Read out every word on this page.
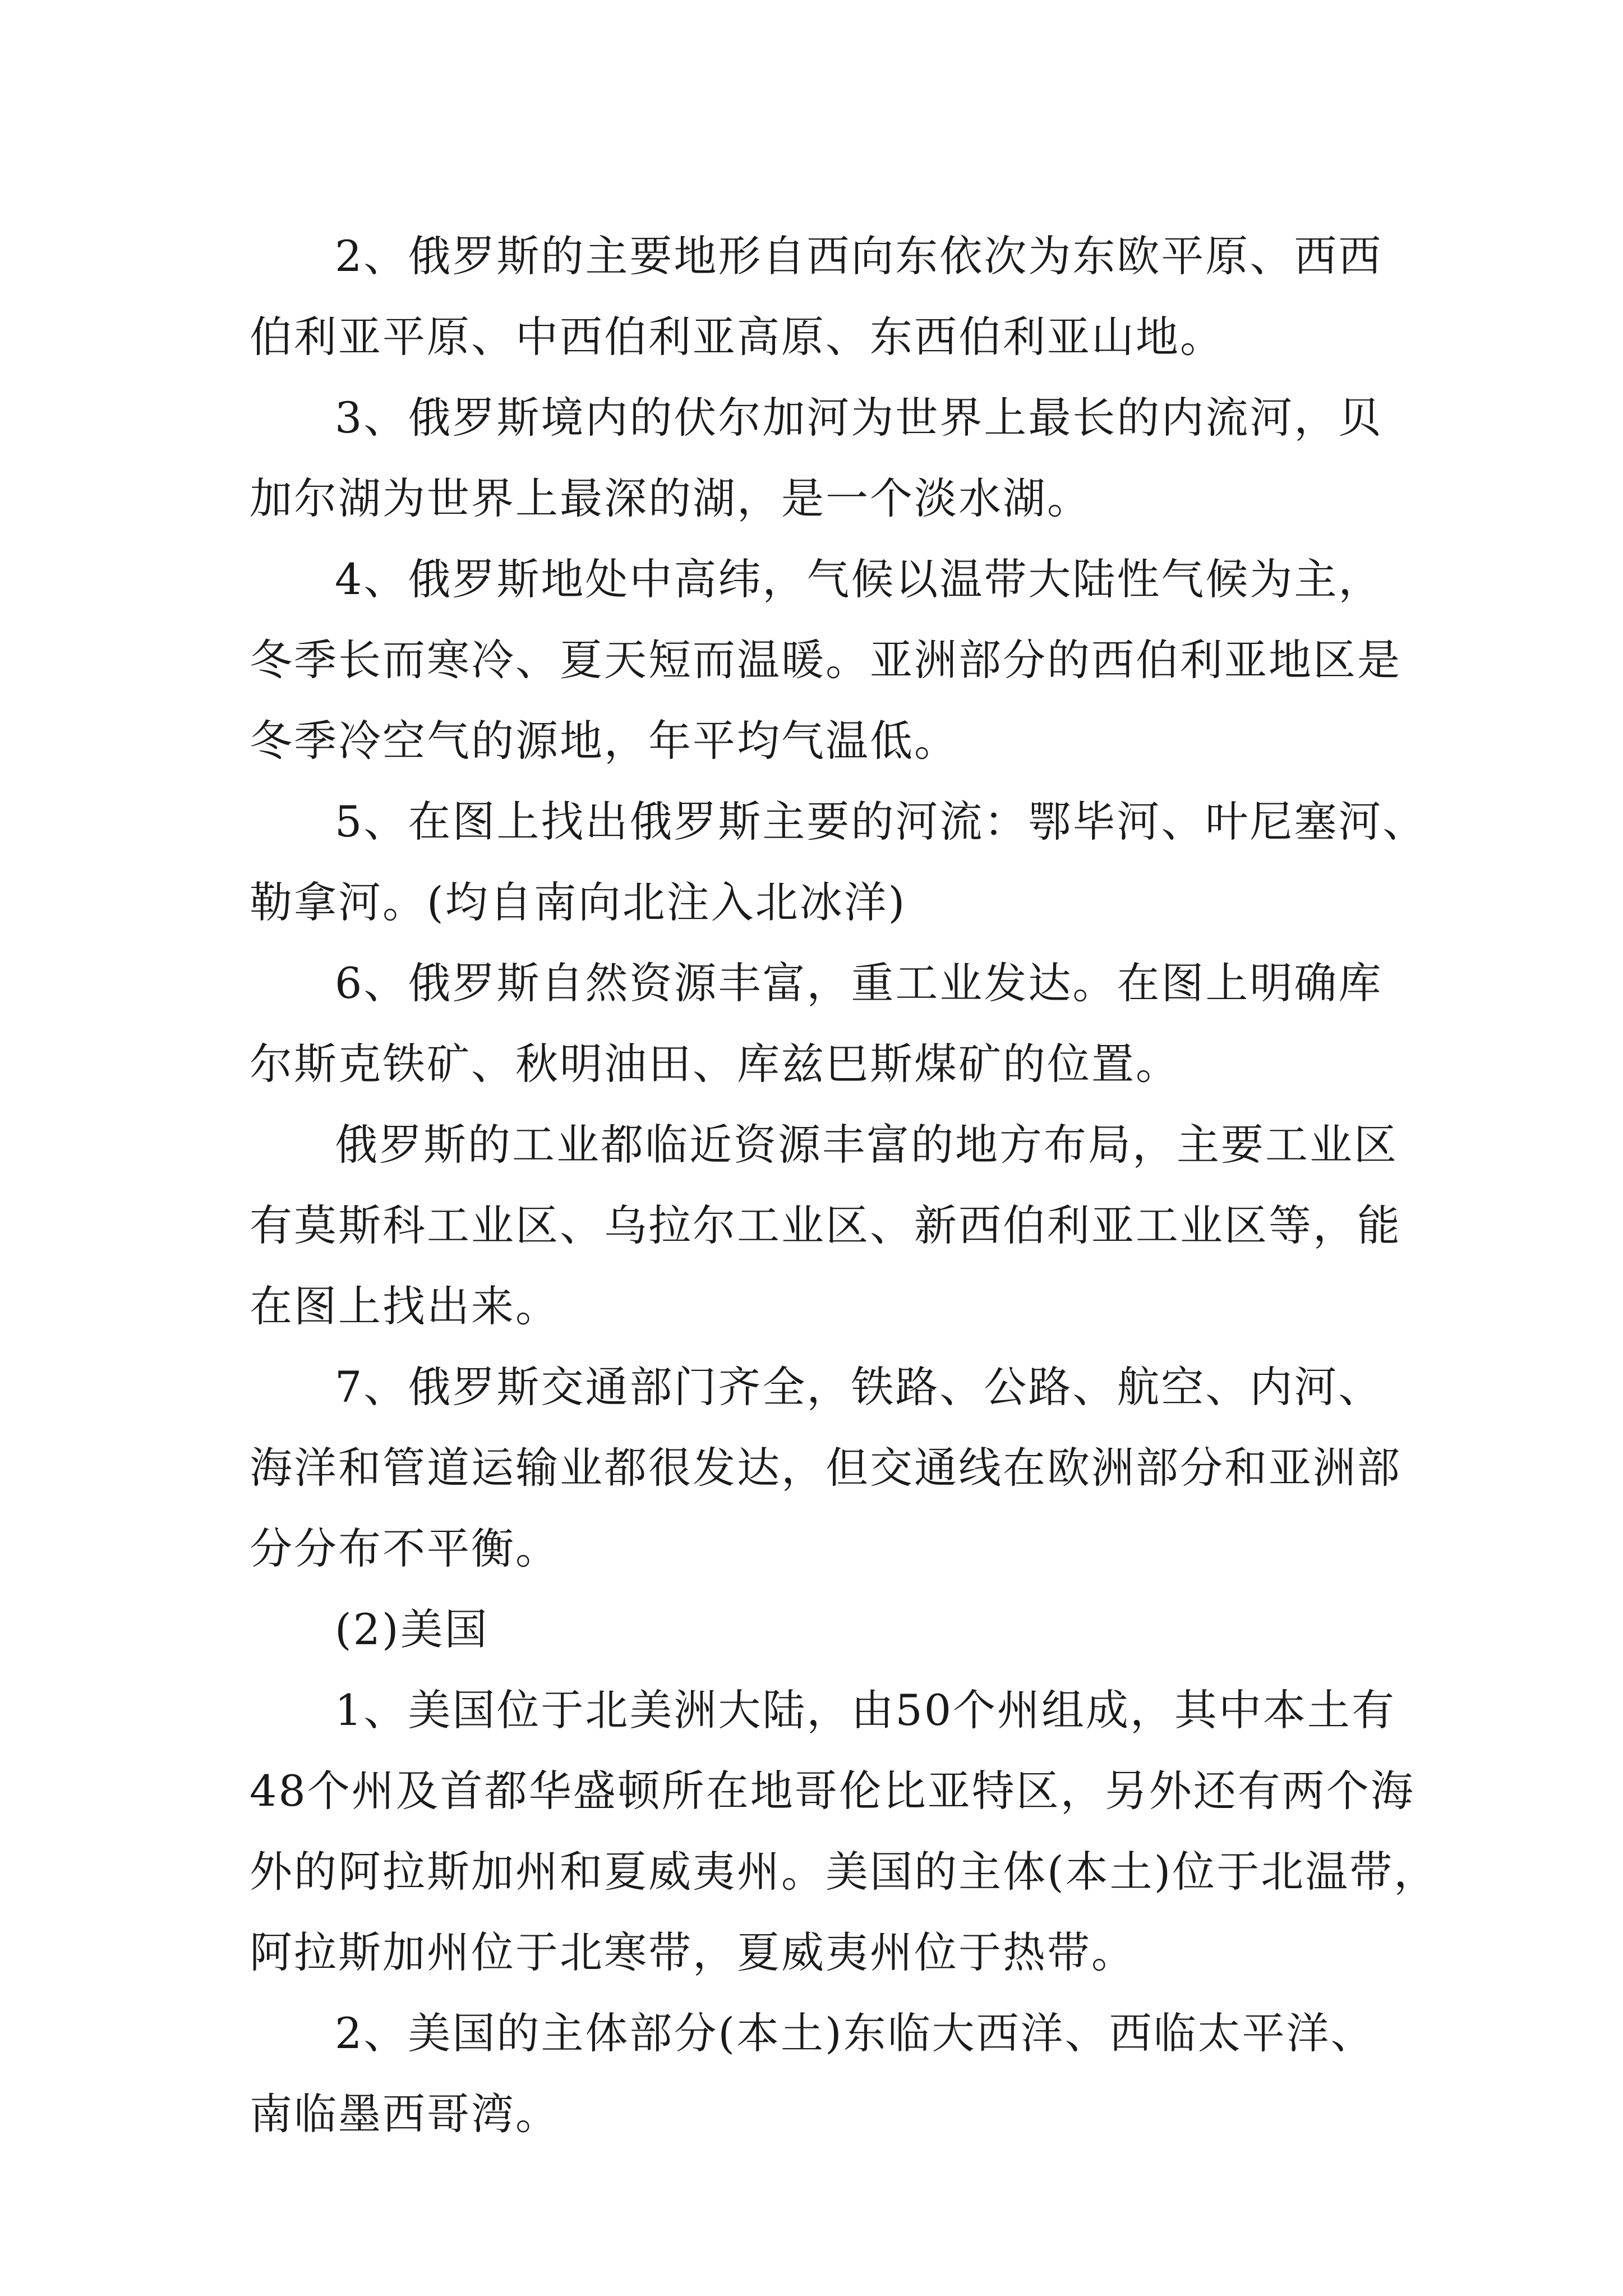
2、俄罗斯的主要地形自西向东依次为东欧平原、西西
伯利亚平原、中西伯利亚高原、东西伯利亚山地。

3、俄罗斯境内的伏尔加河为世界上最长的内流河，贝
加尔湖为世界上最深的湖，是一个淡水湖。

4、俄罗斯地处中高纬，气候以温带大陆性气候为主，
冬季长而寒冷、夏天短而温暖。亚洲部分的西伯利亚地区是
冬季冷空气的源地，年平均气温低。

5、在图上找出俄罗斯主要的河流：鄂毕河、叶尼塞河、
勒拿河。(均自南向北注入北冰洋)

6、俄罗斯自然资源丰富，重工业发达。在图上明确库
尔斯克铁矿、秋明油田、库兹巴斯煤矿的位置。

俄罗斯的工业都临近资源丰富的地方布局，主要工业区
有莫斯科工业区、乌拉尔工业区、新西伯利亚工业区等，能
在图上找出来。

7、俄罗斯交通部门齐全，铁路、公路、航空、内河、
海洋和管道运输业都很发达，但交通线在欧洲部分和亚洲部
分分布不平衡。

(2)美国

1、美国位于北美洲大陆，由50个州组成，其中本土有
48个州及首都华盛顿所在地哥伦比亚特区，另外还有两个海
外的阿拉斯加州和夏威夷州。美国的主体(本土)位于北温带，
阿拉斯加州位于北寒带，夏威夷州位于热带。

2、美国的主体部分(本土)东临大西洋、西临太平洋、
南临墨西哥湾。
